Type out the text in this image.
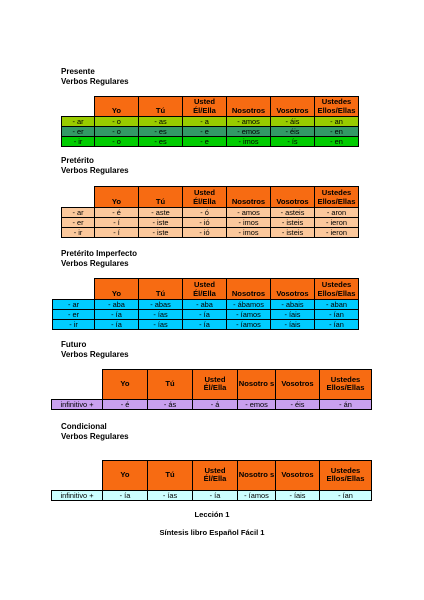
Presente
Verbos Regulares
	Yo	Tú	Usted Él/Ella	Nosotros	Vosotros	Ustedes Ellos/Ellas
- ar	- o	- as	- a	- amos	- áis	- an
- er	- o	- es	- e	- emos	- éis	- en
- ir	- o	- es	- e	- imos	- ís	- en
Pretérito
Verbos Regulares
	Yo	Tú	Usted Él/Ella	Nosotros	Vosotros	Ustedes Ellos/Ellas
- ar	- é	- aste	- ó	- amos	- asteis	- aron
- er	- í	- iste	- ió	- imos	- isteis	- ieron
- ir	- í	- iste	- ió	- imos	- isteis	- ieron
Pretérito Imperfecto
Verbos Regulares
	Yo	Tú	Usted Él/Ella	Nosotros	Vosotros	Ustedes Ellos/Ellas
- ar	- aba	- abas	- aba	- ábamos	- abais	- aban
- er	- ía	- ías	- ía	- íamos	- íais	- ían
- ir	- ía	- ías	- ía	- íamos	- íais	- ían
Futuro
Verbos Regulares
	Yo	Tú	Usted Él/Ella	Nosotro s	Vosotros	Ustedes Ellos/Ellas
infinitivo +	- é	- ás	- á	- emos	- éis	- án
Condicional
Verbos Regulares
	Yo	Tú	Usted Él/Ella	Nosotro s	Vosotros	Ustedes Ellos/Ellas
infinitivo +	- ía	- ías	- ía	- íamos	- íais	- ían
Lección 1
Síntesis libro Español Fácil 1
